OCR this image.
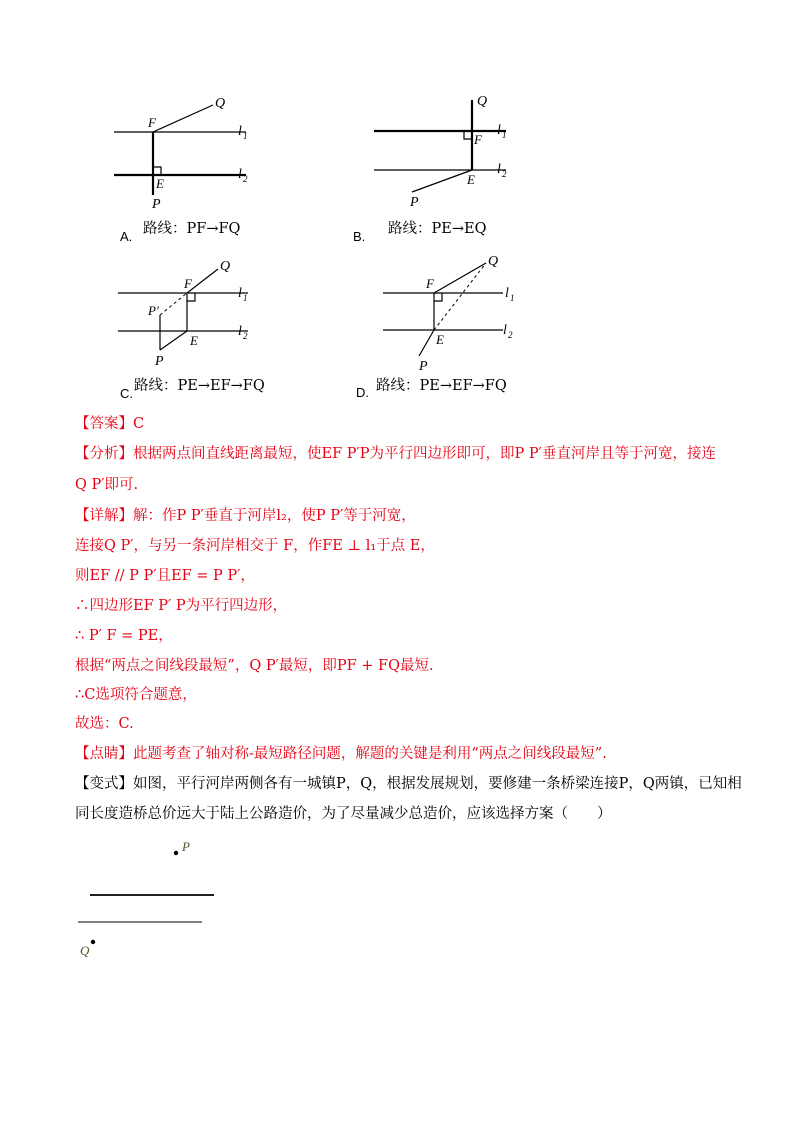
F
Q
E
P
l 1
l 2
A. 路线：PF→FQ
Q
F
E
P
l 1
l 2
B. 路线：PE→EQ
F
Q
P′
E
P
l 1
l 2
C. 路线：PE→EF→FQ
F
Q
E
P
l 1
l 2
D. 路线：PE→EF→FQ
【答案】C
【分析】根据两点间直线距离最短，使EF P′P为平行四边形即可，即P P′垂直河岸且等于河宽，接连
Q P′即可.
【详解】解：作P P′垂直于河岸l₂，使P P′等于河宽，
连接Q P′，与另一条河岸相交于 F，作FE ⊥ l₁于点 E，
则EF // P P′且EF = P P′，
∴四边形EF P′ P为平行四边形，
∴ P′ F = PE，
根据“两点之间线段最短”，Q P′最短，即PF + FQ最短.
∴C选项符合题意，
故选：C.
【点睛】此题考查了轴对称-最短路径问题，解题的关键是利用“两点之间线段最短”.
【变式】如图，平行河岸两侧各有一城镇P，Q，根据发展规划，要修建一条桥梁连接P，Q两镇，已知相
同长度造桥总价远大于陆上公路造价，为了尽量减少总造价，应该选择方案（　　）
P
Q
